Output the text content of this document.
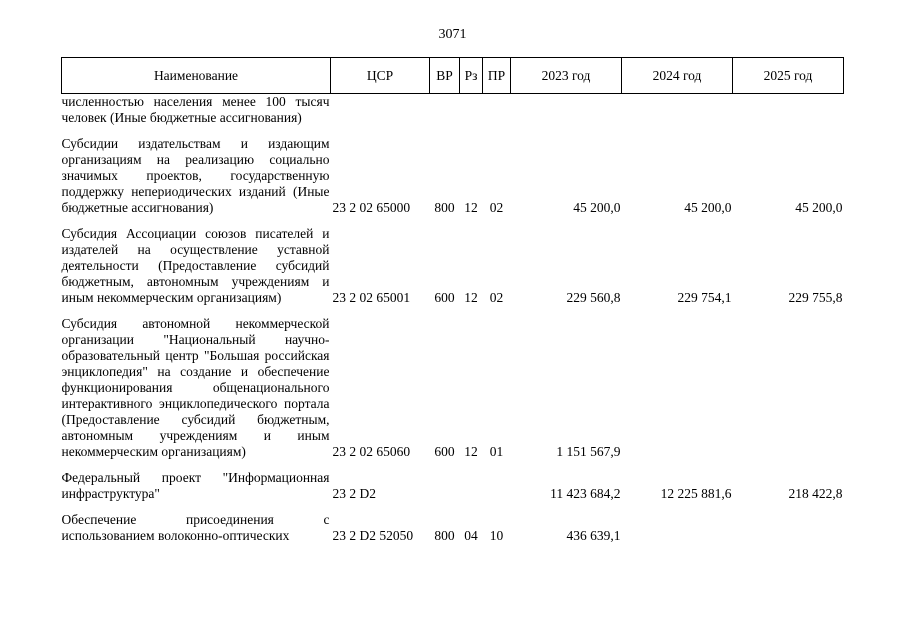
3071
Наименование	ЦСР	ВР	Рз	ПР	2023 год	2024 год	2025 год
численностью населения менее 100 тысяч человек (Иные бюджетные ассигнования)							

Субсидии издательствам и издающим организациям на реализацию социально значимых проектов, государственную поддержку непериодических изданий (Иные бюджетные ассигнования)	23 2 02 65000	800	12	02	45 200,0	45 200,0	45 200,0

Субсидия Ассоциации союзов писателей и издателей на осуществление уставной деятельности (Предоставление субсидий бюджетным, автономным учреждениям и иным некоммерческим организациям)	23 2 02 65001	600	12	02	229 560,8	229 754,1	229 755,8

Субсидия автономной некоммерческой организации "Национальный научно-образовательный центр "Большая российская энциклопедия" на создание и обеспечение функционирования общенационального интерактивного энциклопедического портала (Предоставление субсидий бюджетным, автономным учреждениям и иным некоммерческим организациям)	23 2 02 65060	600	12	01	1 151 567,9		

Федеральный проект "Информационная инфраструктура"	23 2 D2				11 423 684,2	12 225 881,6	218 422,8

Обеспечение присоединения с использованием волоконно-оптических	23 2 D2 52050	800	04	10	436 639,1		
